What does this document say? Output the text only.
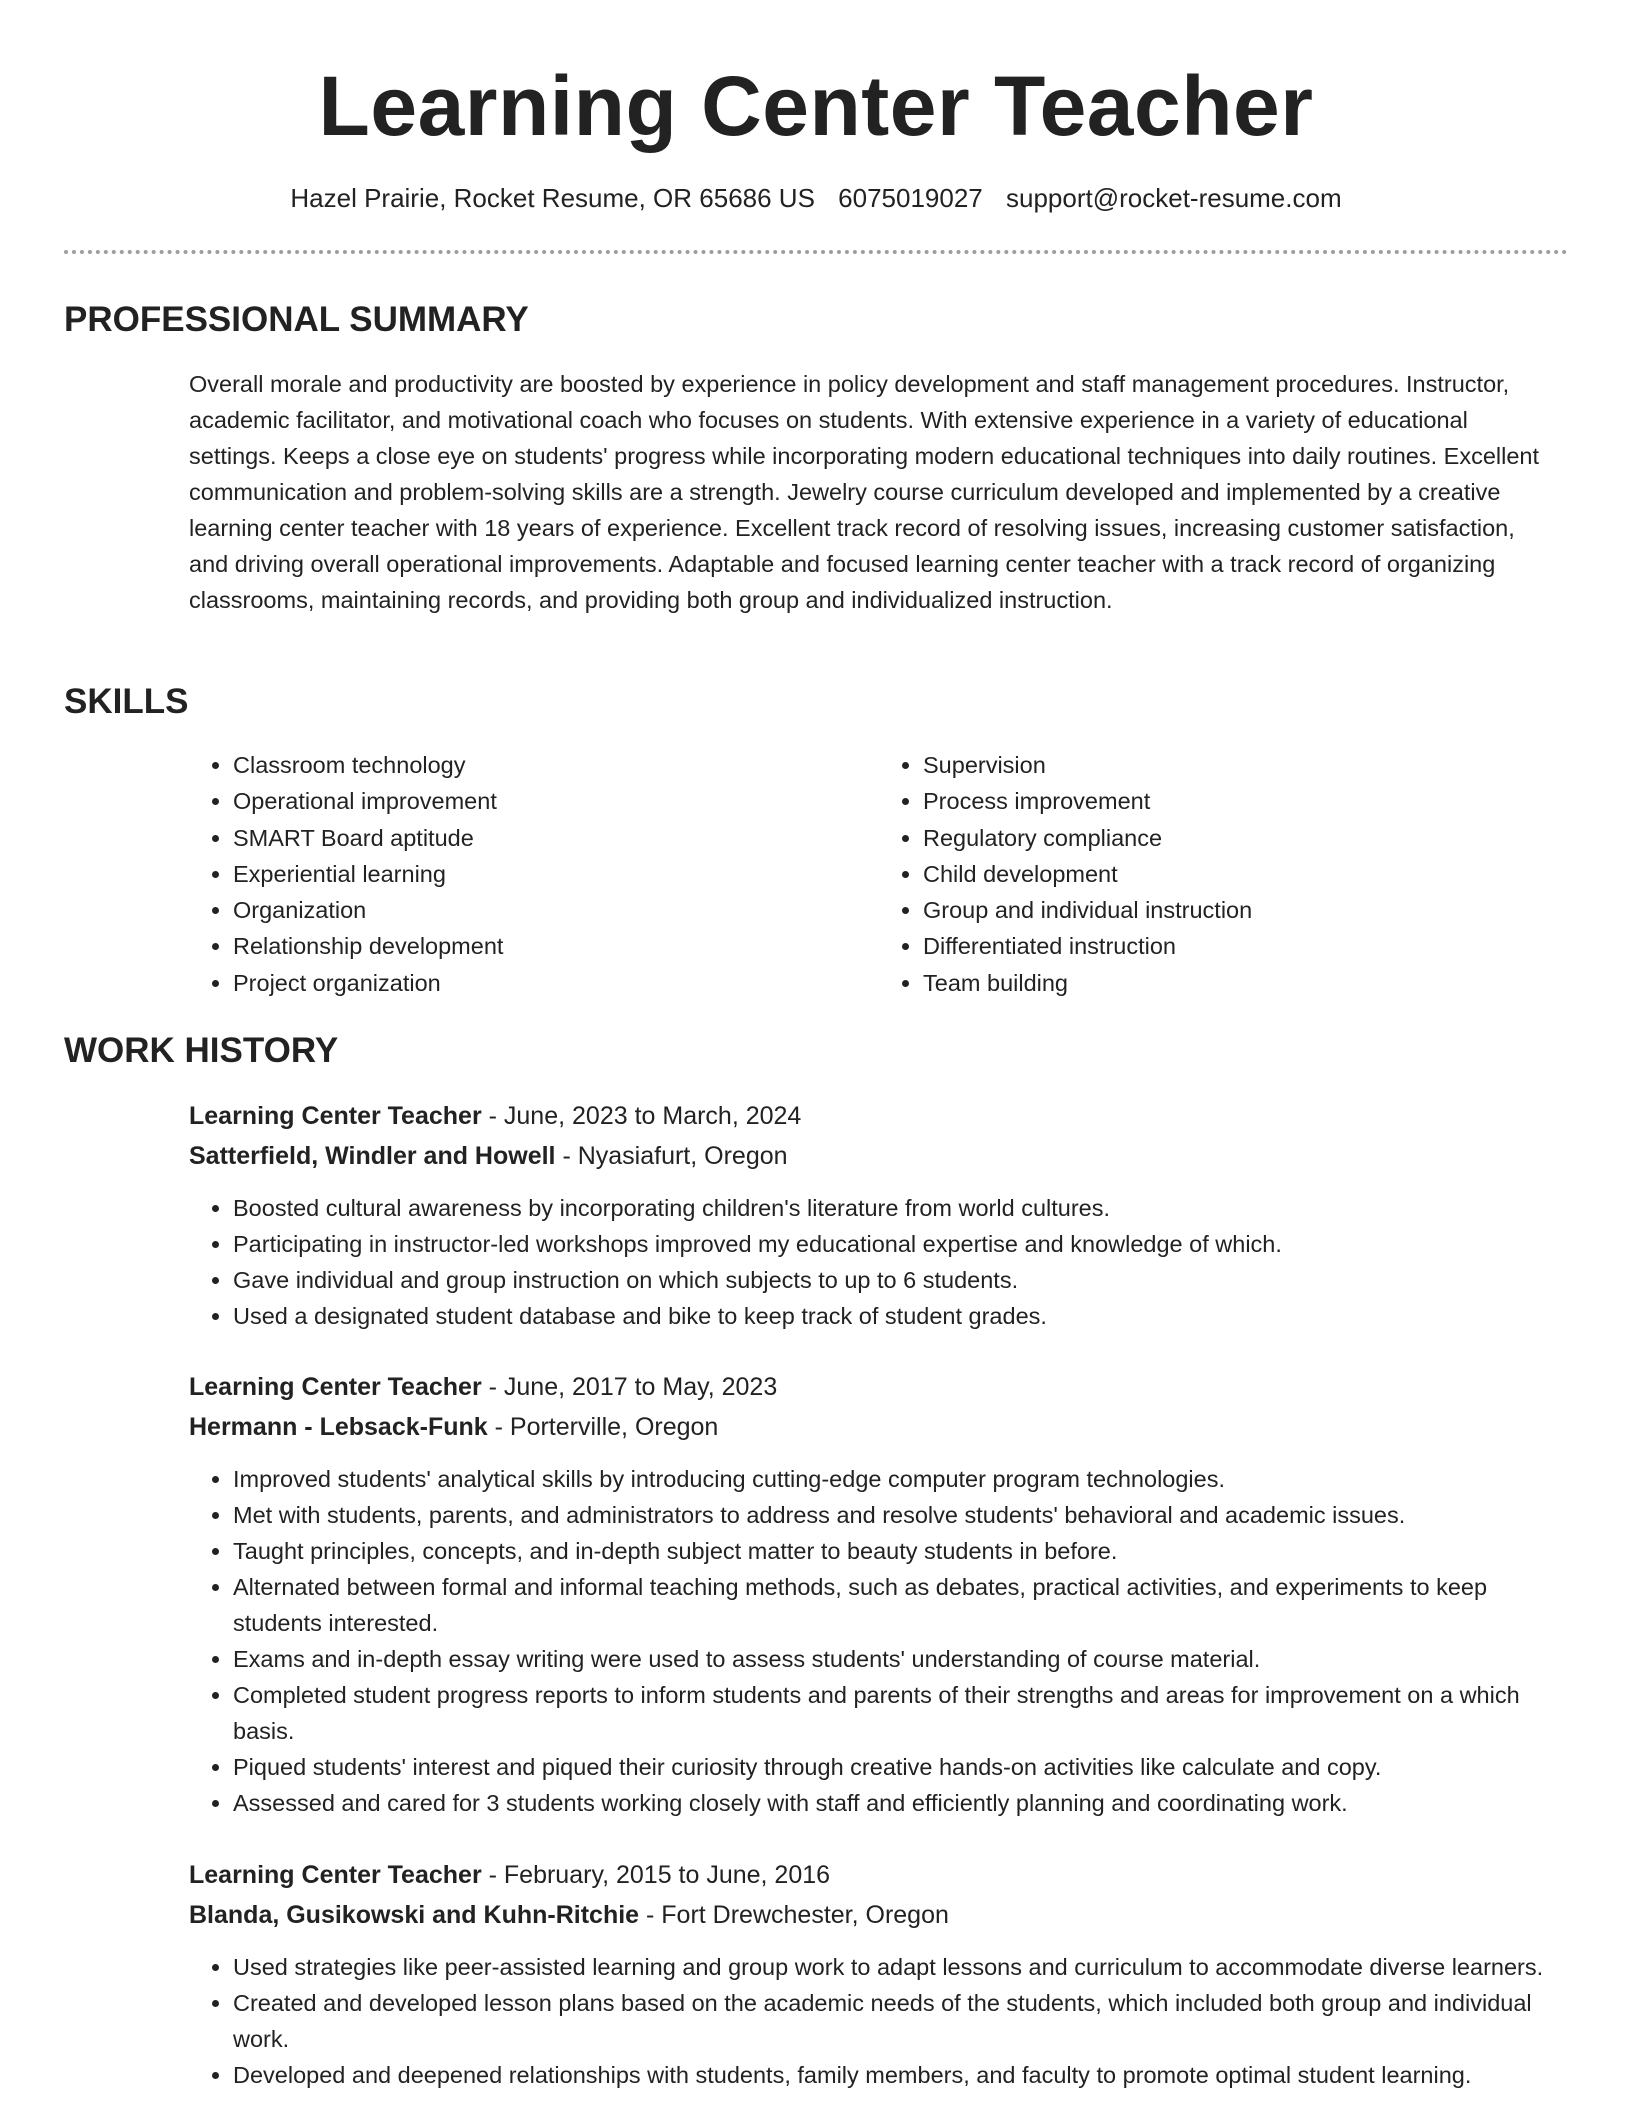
Learning Center Teacher
Hazel Prairie, Rocket Resume, OR 65686 US 6075019027 support@rocket-resume.com
PROFESSIONAL SUMMARY

Overall morale and productivity are boosted by experience in policy development and staff management procedures. Instructor, academic facilitator, and motivational coach who focuses on students. With extensive experience in a variety of educational settings. Keeps a close eye on students' progress while incorporating modern educational techniques into daily routines. Excellent communication and problem-solving skills are a strength. Jewelry course curriculum developed and implemented by a creative learning center teacher with 18 years of experience. Excellent track record of resolving issues, increasing customer satisfaction, and driving overall operational improvements. Adaptable and focused learning center teacher with a track record of organizing classrooms, maintaining records, and providing both group and individualized instruction.

SKILLS
• Classroom technology
• Operational improvement
• SMART Board aptitude
• Experiential learning
• Organization
• Relationship development
• Project organization
• Supervision
• Process improvement
• Regulatory compliance
• Child development
• Group and individual instruction
• Differentiated instruction
• Team building
WORK HISTORY
Learning Center Teacher - June, 2023 to March, 2024
Satterfield, Windler and Howell - Nyasiafurt, Oregon
• Boosted cultural awareness by incorporating children's literature from world cultures.
• Participating in instructor-led workshops improved my educational expertise and knowledge of which.
• Gave individual and group instruction on which subjects to up to 6 students.
• Used a designated student database and bike to keep track of student grades.
Learning Center Teacher - June, 2017 to May, 2023
Hermann - Lebsack-Funk - Porterville, Oregon
• Improved students' analytical skills by introducing cutting-edge computer program technologies.
• Met with students, parents, and administrators to address and resolve students' behavioral and academic issues.
• Taught principles, concepts, and in-depth subject matter to beauty students in before.
• Alternated between formal and informal teaching methods, such as debates, practical activities, and experiments to keep students interested.
• Exams and in-depth essay writing were used to assess students' understanding of course material.
• Completed student progress reports to inform students and parents of their strengths and areas for improvement on a which basis.
• Piqued students' interest and piqued their curiosity through creative hands-on activities like calculate and copy.
• Assessed and cared for 3 students working closely with staff and efficiently planning and coordinating work.
Learning Center Teacher - February, 2015 to June, 2016
Blanda, Gusikowski and Kuhn-Ritchie - Fort Drewchester, Oregon
• Used strategies like peer-assisted learning and group work to adapt lessons and curriculum to accommodate diverse learners.
• Created and developed lesson plans based on the academic needs of the students, which included both group and individual work.
• Developed and deepened relationships with students, family members, and faculty to promote optimal student learning.
